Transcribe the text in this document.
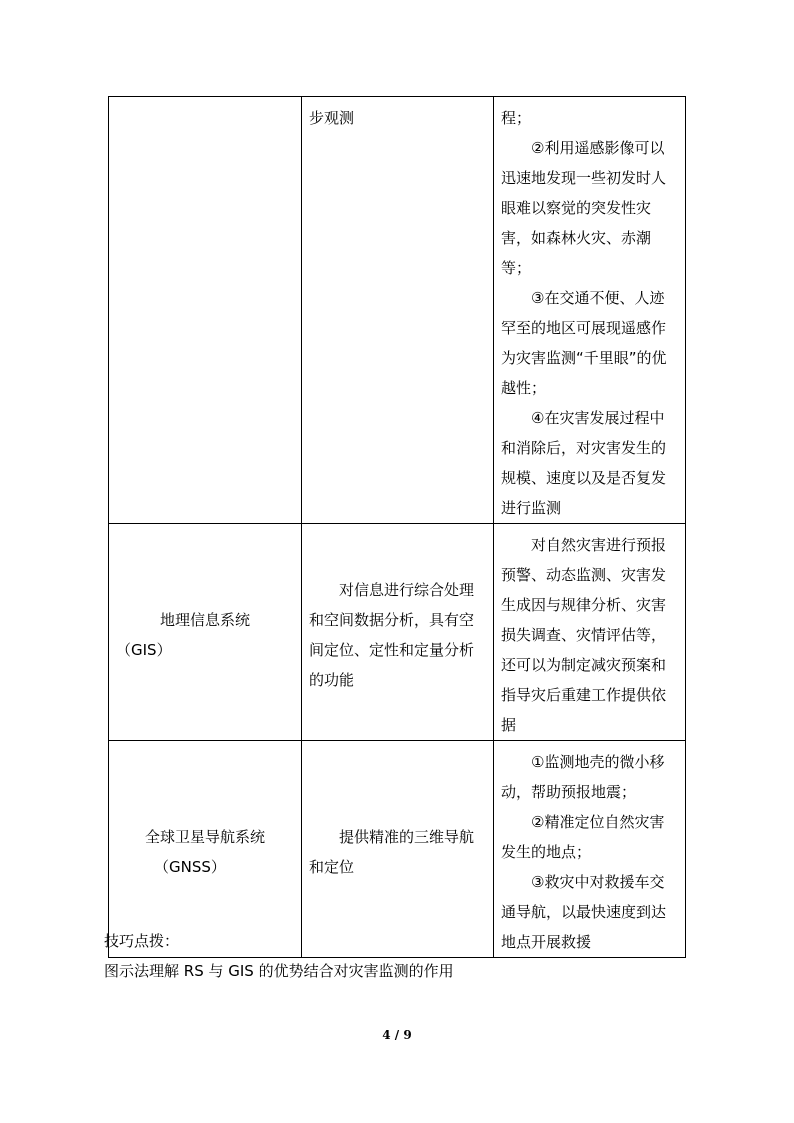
	步观测	程；
②利用遥感影像可以迅速地发现一些初发时人眼难以察觉的突发性灾害，如森林火灾、赤潮等；
③在交通不便、人迹罕至的地区可展现遥感作为灾害监测“千里眼”的优越性；
④在灾害发展过程中和消除后，对灾害发生的规模、速度以及是否复发进行监测

地理信息系统
（GIS）	对信息进行综合处理和空间数据分析，具有空间定位、定性和定量分析的功能	对自然灾害进行预报预警、动态监测、灾害发生成因与规律分析、灾害损失调查、灾情评估等，还可以为制定减灾预案和指导灾后重建工作提供依据

全球卫星导航系统
（GNSS）	提供精准的三维导航和定位	①监测地壳的微小移动，帮助预报地震；
②精准定位自然灾害发生的地点；
③救灾中对救援车交通导航，以最快速度到达地点开展救援
技巧点拨：
图示法理解 RS 与 GIS 的优势结合对灾害监测的作用
4 / 9
